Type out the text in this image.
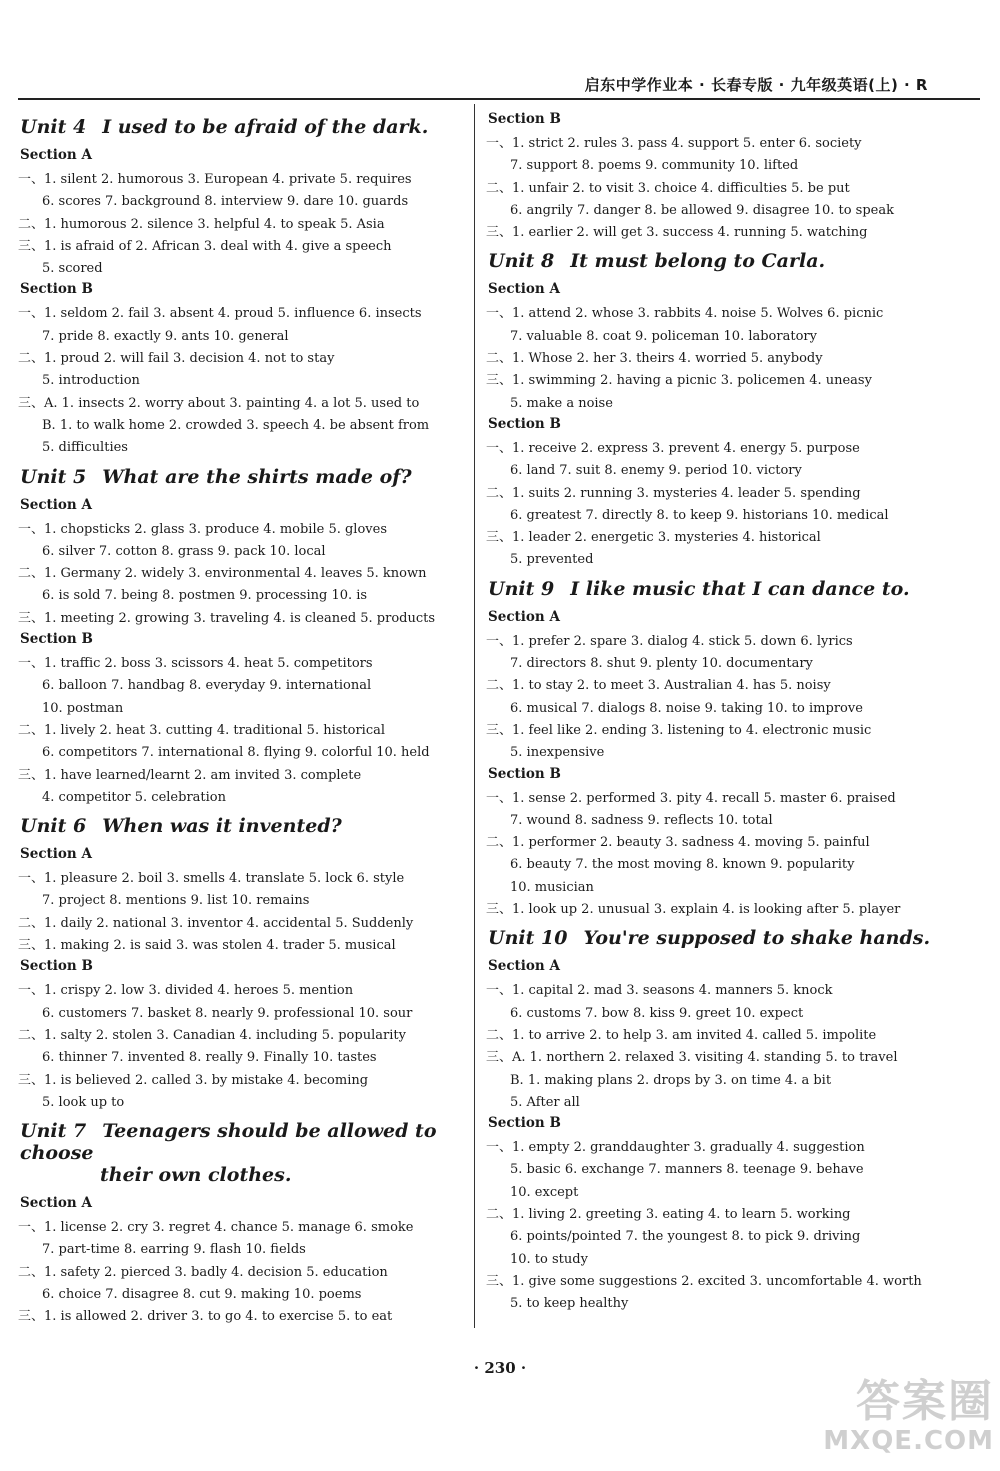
启东中学作业本 · 长春专版 · 九年级英语(上) · R
Unit 4 I used to be afraid of the dark.
Section A
一、1. silent 2. humorous 3. European 4. private 5. requires
6. scores 7. background 8. interview 9. dare 10. guards
二、1. humorous 2. silence 3. helpful 4. to speak 5. Asia
三、1. is afraid of 2. African 3. deal with 4. give a speech
5. scored
Section B
一、1. seldom 2. fail 3. absent 4. proud 5. influence 6. insects
7. pride 8. exactly 9. ants 10. general
二、1. proud 2. will fail 3. decision 4. not to stay
5. introduction
三、A. 1. insects 2. worry about 3. painting 4. a lot 5. used to
B. 1. to walk home 2. crowded 3. speech 4. be absent from
5. difficulties
Unit 5 What are the shirts made of?
Section A
一、1. chopsticks 2. glass 3. produce 4. mobile 5. gloves
6. silver 7. cotton 8. grass 9. pack 10. local
二、1. Germany 2. widely 3. environmental 4. leaves 5. known
6. is sold 7. being 8. postmen 9. processing 10. is
三、1. meeting 2. growing 3. traveling 4. is cleaned 5. products
Section B
一、1. traffic 2. boss 3. scissors 4. heat 5. competitors
6. balloon 7. handbag 8. everyday 9. international
10. postman
二、1. lively 2. heat 3. cutting 4. traditional 5. historical
6. competitors 7. international 8. flying 9. colorful 10. held
三、1. have learned/learnt 2. am invited 3. complete
4. competitor 5. celebration
Unit 6 When was it invented?
Section A
一、1. pleasure 2. boil 3. smells 4. translate 5. lock 6. style
7. project 8. mentions 9. list 10. remains
二、1. daily 2. national 3. inventor 4. accidental 5. Suddenly
三、1. making 2. is said 3. was stolen 4. trader 5. musical
Section B
一、1. crispy 2. low 3. divided 4. heroes 5. mention
6. customers 7. basket 8. nearly 9. professional 10. sour
二、1. salty 2. stolen 3. Canadian 4. including 5. popularity
6. thinner 7. invented 8. really 9. Finally 10. tastes
三、1. is believed 2. called 3. by mistake 4. becoming
5. look up to
Unit 7 Teenagers should be allowed to choose
their own clothes.
Section A
一、1. license 2. cry 3. regret 4. chance 5. manage 6. smoke
7. part-time 8. earring 9. flash 10. fields
二、1. safety 2. pierced 3. badly 4. decision 5. education
6. choice 7. disagree 8. cut 9. making 10. poems
三、1. is allowed 2. driver 3. to go 4. to exercise 5. to eat
Section B
一、1. strict 2. rules 3. pass 4. support 5. enter 6. society
7. support 8. poems 9. community 10. lifted
二、1. unfair 2. to visit 3. choice 4. difficulties 5. be put
6. angrily 7. danger 8. be allowed 9. disagree 10. to speak
三、1. earlier 2. will get 3. success 4. running 5. watching
Unit 8 It must belong to Carla.
Section A
一、1. attend 2. whose 3. rabbits 4. noise 5. Wolves 6. picnic
7. valuable 8. coat 9. policeman 10. laboratory
二、1. Whose 2. her 3. theirs 4. worried 5. anybody
三、1. swimming 2. having a picnic 3. policemen 4. uneasy
5. make a noise
Section B
一、1. receive 2. express 3. prevent 4. energy 5. purpose
6. land 7. suit 8. enemy 9. period 10. victory
二、1. suits 2. running 3. mysteries 4. leader 5. spending
6. greatest 7. directly 8. to keep 9. historians 10. medical
三、1. leader 2. energetic 3. mysteries 4. historical
5. prevented
Unit 9 I like music that I can dance to.
Section A
一、1. prefer 2. spare 3. dialog 4. stick 5. down 6. lyrics
7. directors 8. shut 9. plenty 10. documentary
二、1. to stay 2. to meet 3. Australian 4. has 5. noisy
6. musical 7. dialogs 8. noise 9. taking 10. to improve
三、1. feel like 2. ending 3. listening to 4. electronic music
5. inexpensive
Section B
一、1. sense 2. performed 3. pity 4. recall 5. master 6. praised
7. wound 8. sadness 9. reflects 10. total
二、1. performer 2. beauty 3. sadness 4. moving 5. painful
6. beauty 7. the most moving 8. known 9. popularity
10. musician
三、1. look up 2. unusual 3. explain 4. is looking after 5. player
Unit 10 You're supposed to shake hands.
Section A
一、1. capital 2. mad 3. seasons 4. manners 5. knock
6. customs 7. bow 8. kiss 9. greet 10. expect
二、1. to arrive 2. to help 3. am invited 4. called 5. impolite
三、A. 1. northern 2. relaxed 3. visiting 4. standing 5. to travel
B. 1. making plans 2. drops by 3. on time 4. a bit
5. After all
Section B
一、1. empty 2. granddaughter 3. gradually 4. suggestion
5. basic 6. exchange 7. manners 8. teenage 9. behave
10. except
二、1. living 2. greeting 3. eating 4. to learn 5. working
6. points/pointed 7. the youngest 8. to pick 9. driving
10. to study
三、1. give some suggestions 2. excited 3. uncomfortable 4. worth
5. to keep healthy
· 230 ·
答案圈
MXQE.COM
